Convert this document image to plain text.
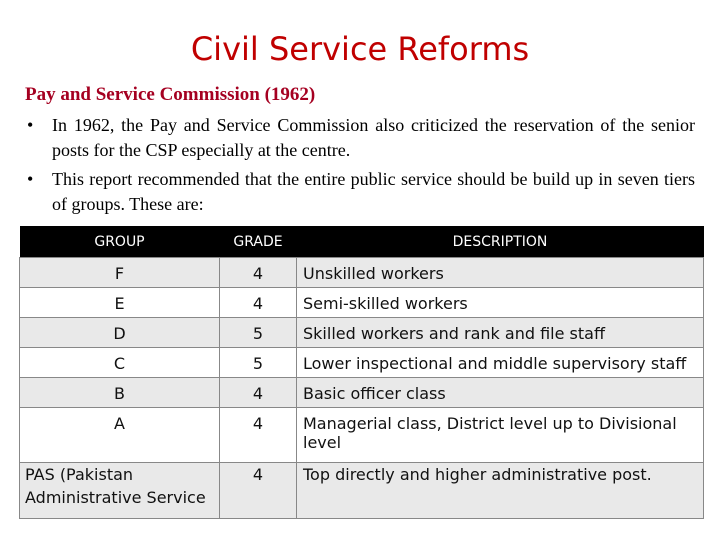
Civil Service Reforms
Pay and Service Commission (1962)
• In 1962, the Pay and Service Commission also criticized the reservation of the senior posts for the CSP especially at the centre.
• This report recommended that the entire public service should be build up in seven tiers of groups. These are:
GROUP	GRADE	DESCRIPTION
F	4	Unskilled workers
E	4	Semi-skilled workers
D	5	Skilled workers and rank and file staff
C	5	Lower inspectional and middle supervisory staff
B	4	Basic officer class
A	4	Managerial class, District level up to Divisional level
PAS (Pakistan Administrative Service	4	Top directly and higher administrative post.
